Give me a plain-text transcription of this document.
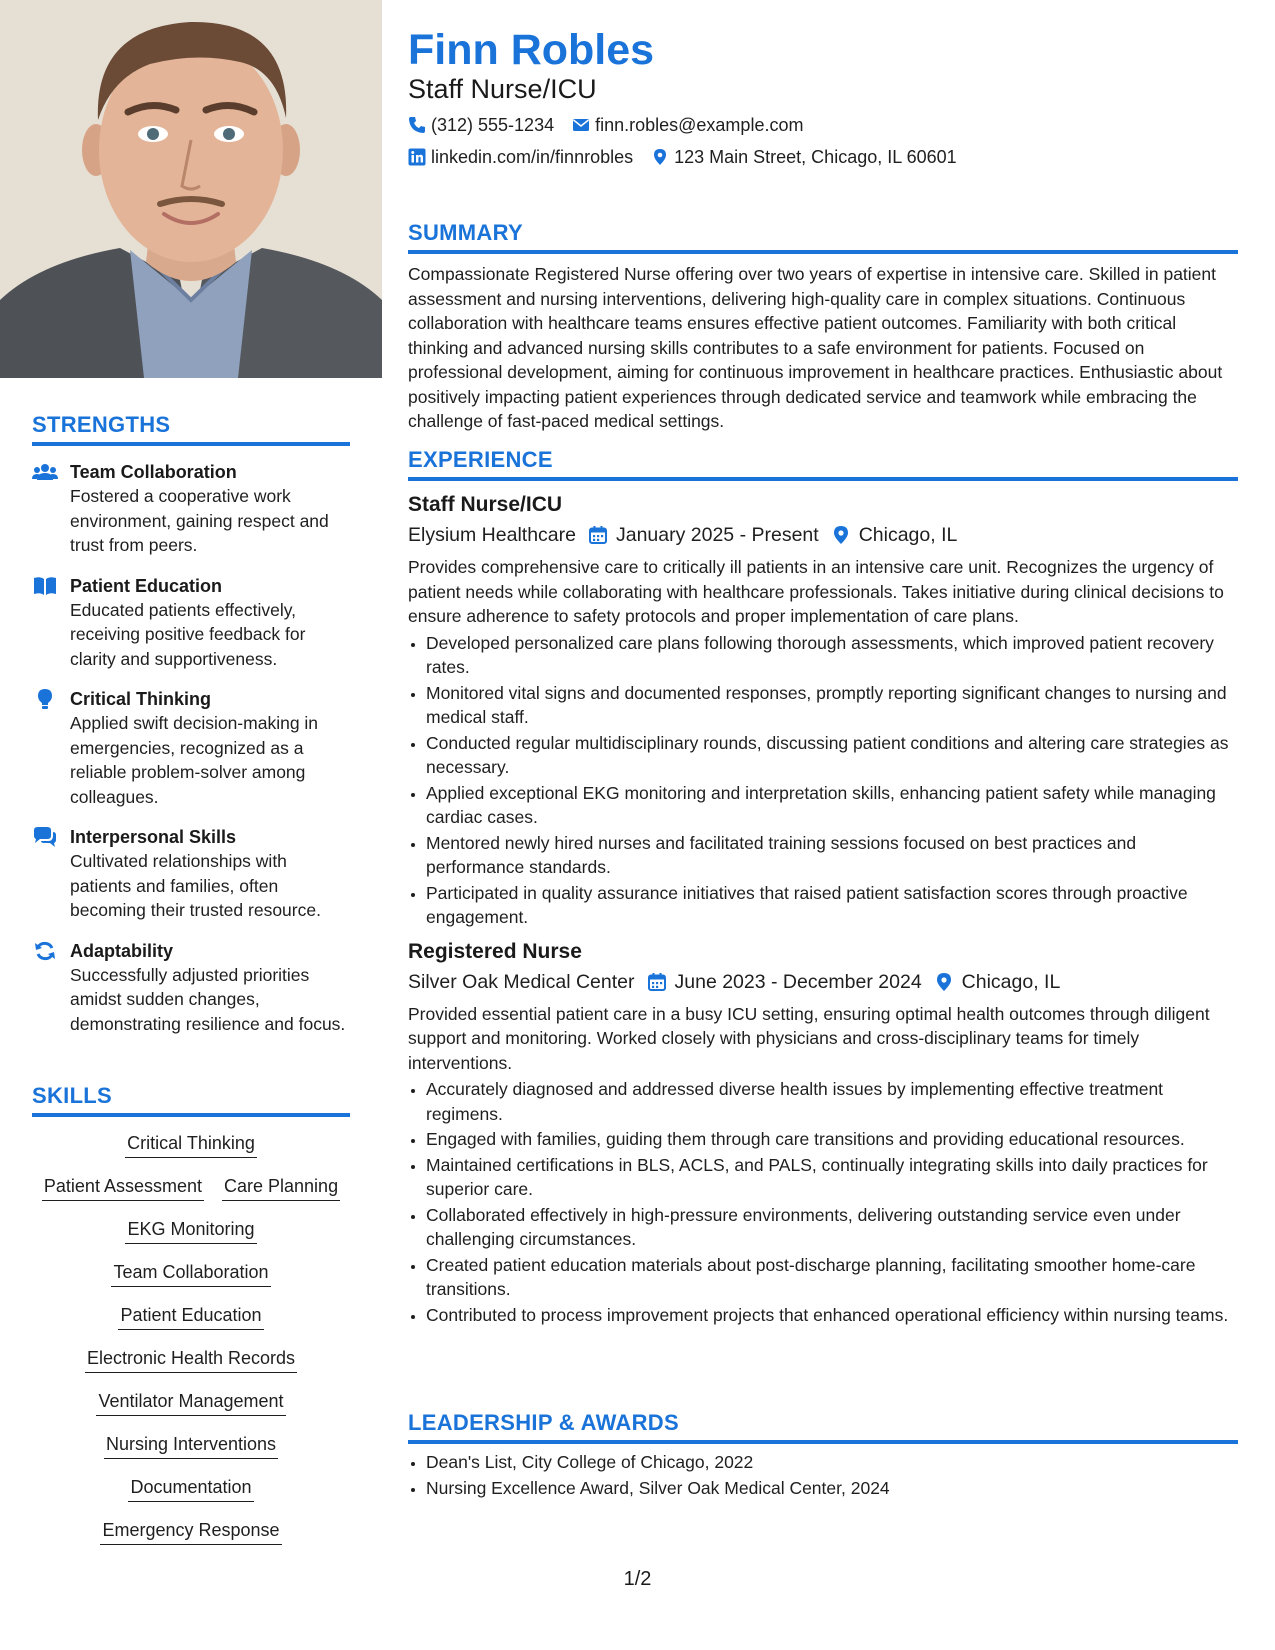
STRENGTHS
Team Collaboration
Fostered a cooperative work environment, gaining respect and trust from peers.
Patient Education
Educated patients effectively, receiving positive feedback for clarity and supportiveness.
Critical Thinking
Applied swift decision-making in emergencies, recognized as a reliable problem-solver among colleagues.
Interpersonal Skills
Cultivated relationships with patients and families, often becoming their trusted resource.
Adaptability
Successfully adjusted priorities amidst sudden changes, demonstrating resilience and focus.
SKILLS
Critical Thinking
Patient Assessment Care Planning
EKG Monitoring
Team Collaboration
Patient Education
Electronic Health Records
Ventilator Management
Nursing Interventions
Documentation
Emergency Response
Finn Robles
Staff Nurse/ICU
(312) 555-1234 finn.robles@example.com
linkedin.com/in/finnrobles 123 Main Street, Chicago, IL 60601
SUMMARY

Compassionate Registered Nurse offering over two years of expertise in intensive care. Skilled in patient assessment and nursing interventions, delivering high-quality care in complex situations. Continuous collaboration with healthcare teams ensures effective patient outcomes. Familiarity with both critical thinking and advanced nursing skills contributes to a safe environment for patients. Focused on professional development, aiming for continuous improvement in healthcare practices. Enthusiastic about positively impacting patient experiences through dedicated service and teamwork while embracing the challenge of fast-paced medical settings.

EXPERIENCE
Staff Nurse/ICU
Elysium Healthcare January 2025 - Present Chicago, IL

Provides comprehensive care to critically ill patients in an intensive care unit. Recognizes the urgency of patient needs while collaborating with healthcare professionals. Takes initiative during clinical decisions to ensure adherence to safety protocols and proper implementation of care plans.

• Developed personalized care plans following thorough assessments, which improved patient recovery rates.
• Monitored vital signs and documented responses, promptly reporting significant changes to nursing and medical staff.
• Conducted regular multidisciplinary rounds, discussing patient conditions and altering care strategies as necessary.
• Applied exceptional EKG monitoring and interpretation skills, enhancing patient safety while managing cardiac cases.
• Mentored newly hired nurses and facilitated training sessions focused on best practices and performance standards.
• Participated in quality assurance initiatives that raised patient satisfaction scores through proactive engagement.
Registered Nurse
Silver Oak Medical Center June 2023 - December 2024 Chicago, IL

Provided essential patient care in a busy ICU setting, ensuring optimal health outcomes through diligent support and monitoring. Worked closely with physicians and cross-disciplinary teams for timely interventions.

• Accurately diagnosed and addressed diverse health issues by implementing effective treatment regimens.
• Engaged with families, guiding them through care transitions and providing educational resources.
• Maintained certifications in BLS, ACLS, and PALS, continually integrating skills into daily practices for superior care.
• Collaborated effectively in high-pressure environments, delivering outstanding service even under challenging circumstances.
• Created patient education materials about post-discharge planning, facilitating smoother home-care transitions.
• Contributed to process improvement projects that enhanced operational efficiency within nursing teams.
LEADERSHIP & AWARDS
• Dean's List, City College of Chicago, 2022
• Nursing Excellence Award, Silver Oak Medical Center, 2024
1/2
